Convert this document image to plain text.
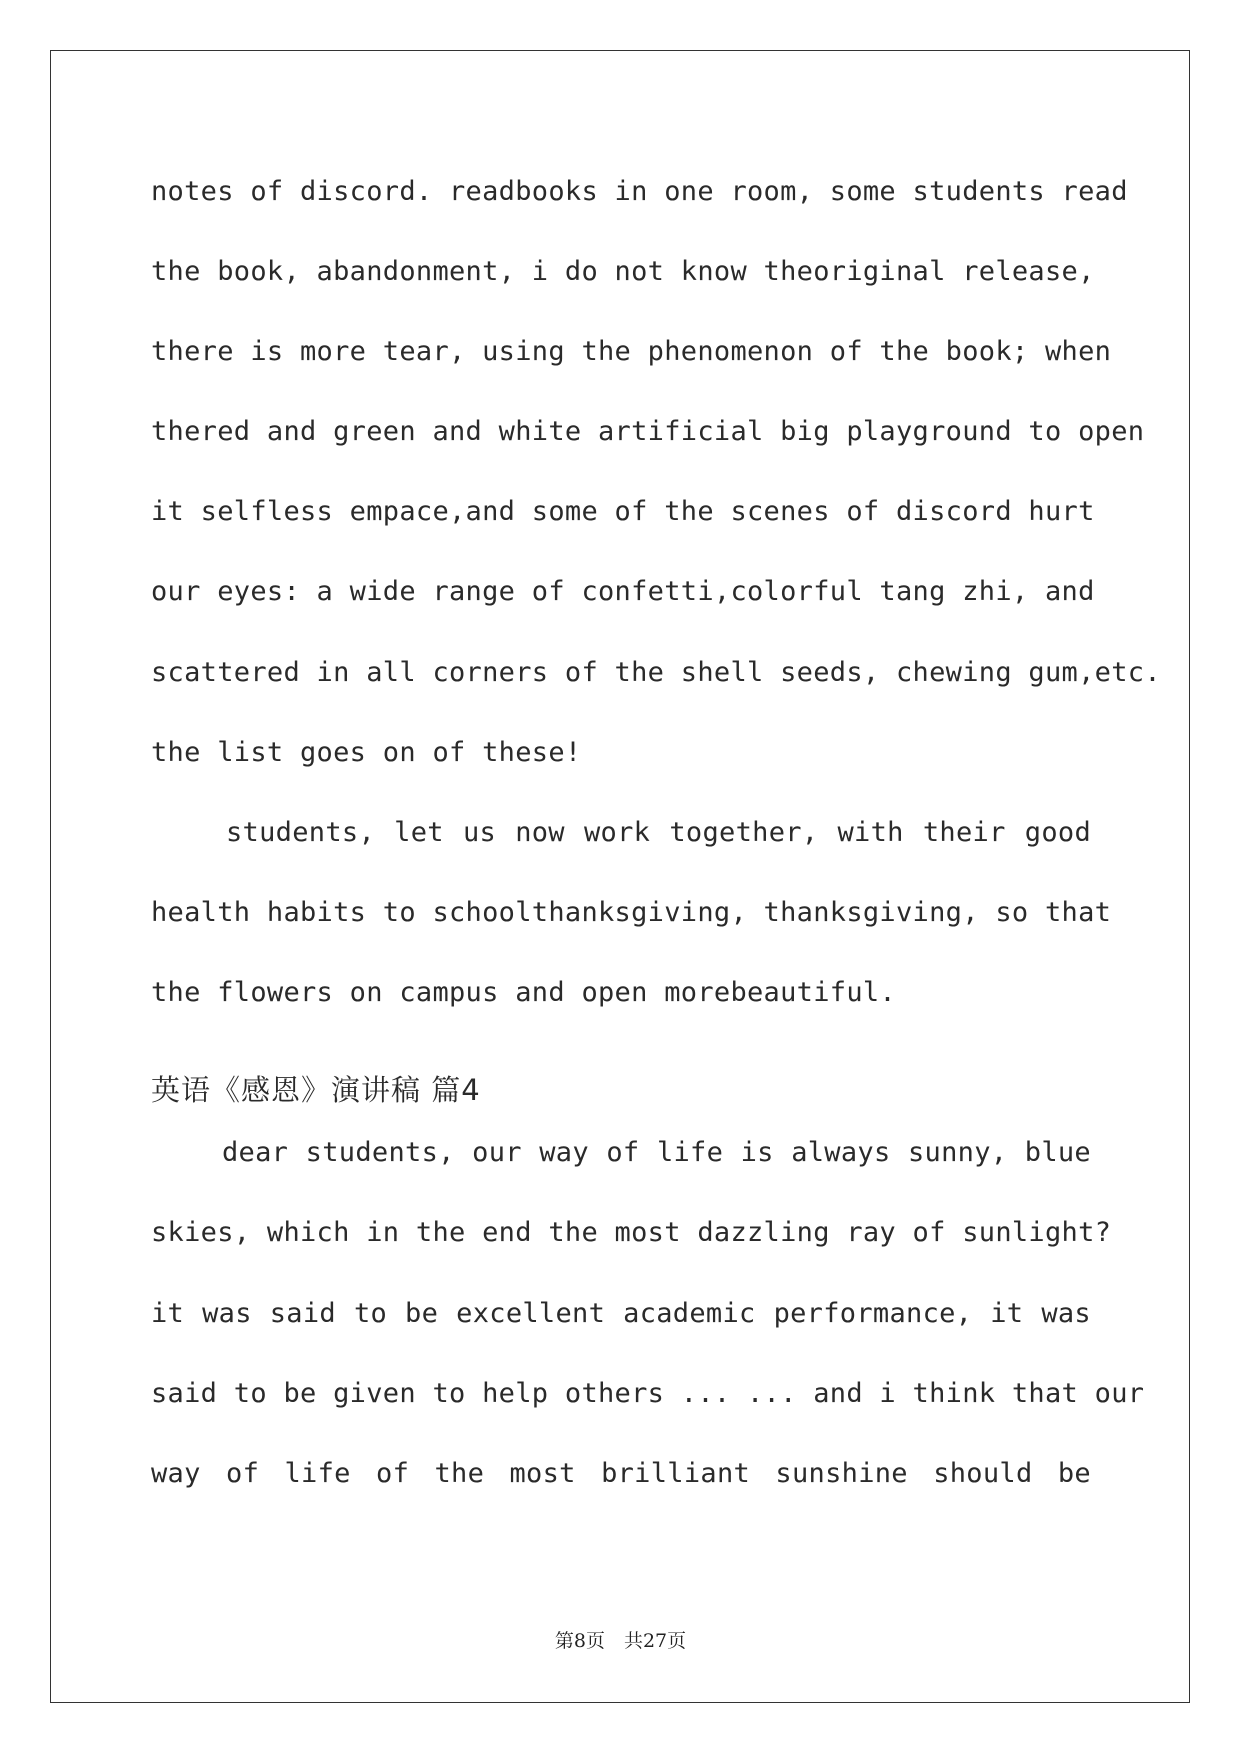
notes of discord. readbooks in one room, some students read
the book, abandonment, i do not know theoriginal release,
there is more tear, using the phenomenon of the book; when
thered and green and white artificial big playground to open
it selfless empace,and some of the scenes of discord hurt
our eyes: a wide range of confetti,colorful tang zhi, and
scattered in all corners of the shell seeds, chewing gum,etc.
the list goes on of these!
students, let us now work together, with their good
health habits to schoolthanksgiving, thanksgiving, so that
the flowers on campus and open morebeautiful.
英语《感恩》演讲稿 篇4
dear students, our way of life is always sunny, blue
skies, which in the end the most dazzling ray of sunlight?
it was said to be excellent academic performance, it was
said to be given to help others ... ... and i think that our
way of life of the most brilliant sunshine should be
第8页　共27页
